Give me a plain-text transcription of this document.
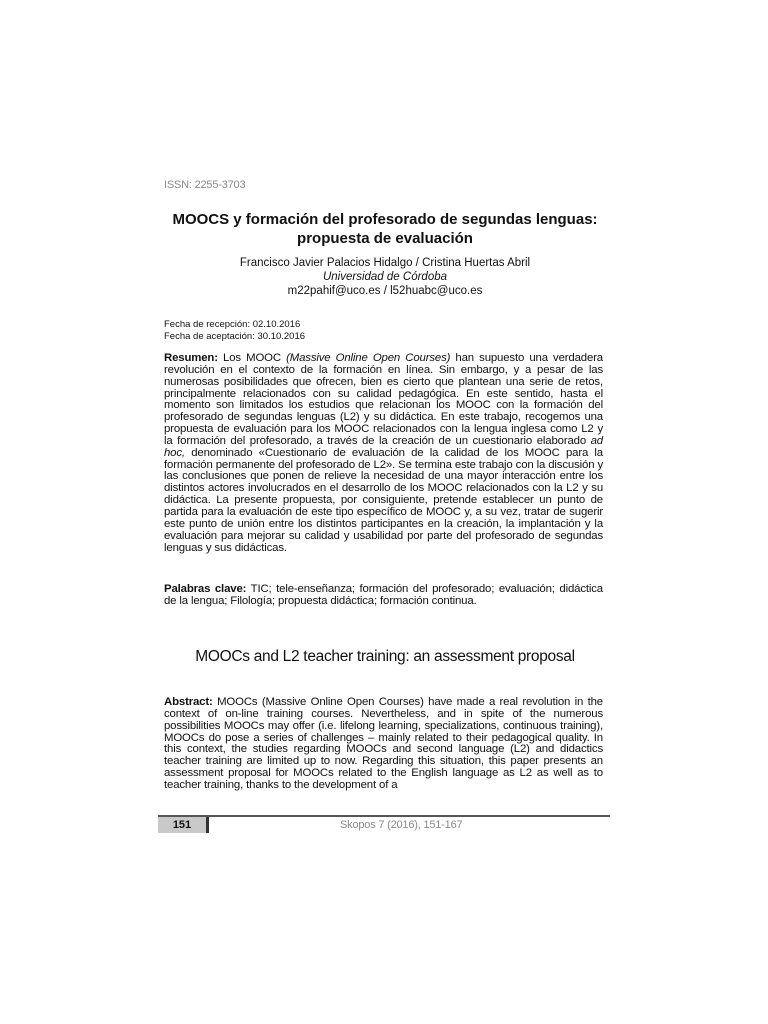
ISSN: 2255-3703
MOOCS y formación del profesorado de segundas lenguas:
propuesta de evaluación
Francisco Javier Palacios Hidalgo / Cristina Huertas Abril
Universidad de Córdoba
m22pahif@uco.es / l52huabc@uco.es
Fecha de recepción: 02.10.2016
Fecha de aceptación: 30.10.2016
Resumen: Los MOOC (Massive Online Open Courses) han supuesto una verdadera revolución en el contexto de la formación en línea. Sin embargo, y a pesar de las numerosas posibilidades que ofrecen, bien es cierto que plantean una serie de retos, principalmente relacionados con su calidad pedagógica. En este sentido, hasta el momento son limitados los estudios que relacionan los MOOC con la formación del profesorado de segundas lenguas (L2) y su didáctica. En este trabajo, recogemos una propuesta de evaluación para los MOOC relacionados con la lengua inglesa como L2 y la formación del profesorado, a través de la creación de un cuestionario elaborado ad hoc, denominado «Cuestionario de evaluación de la calidad de los MOOC para la formación permanente del profesorado de L2». Se termina este trabajo con la discusión y las conclusiones que ponen de relieve la necesidad de una mayor interacción entre los distintos actores involucrados en el desarrollo de los MOOC relacionados con la L2 y su didáctica. La presente propuesta, por consiguiente, pretende establecer un punto de partida para la evaluación de este tipo específico de MOOC y, a su vez, tratar de sugerir este punto de unión entre los distintos participantes en la creación, la implantación y la evaluación para mejorar su calidad y usabilidad por parte del profesorado de segundas lenguas y sus didácticas.
Palabras clave: TIC; tele-enseñanza; formación del profesorado; evaluación; didáctica de la lengua; Filología; propuesta didáctica; formación continua.
MOOCs and L2 teacher training: an assessment proposal
Abstract: MOOCs (Massive Online Open Courses) have made a real revolution in the context of on-line training courses. Nevertheless, and in spite of the numerous possibilities MOOCs may offer (i.e. lifelong learning, specializations, continuous training), MOOCs do pose a series of challenges – mainly related to their pedagogical quality. In this context, the studies regarding MOOCs and second language (L2) and didactics teacher training are limited up to now. Regarding this situation, this paper presents an assessment proposal for MOOCs related to the English language as L2 as well as to teacher training, thanks to the development of a
151	Skopos 7 (2016), 151-167
